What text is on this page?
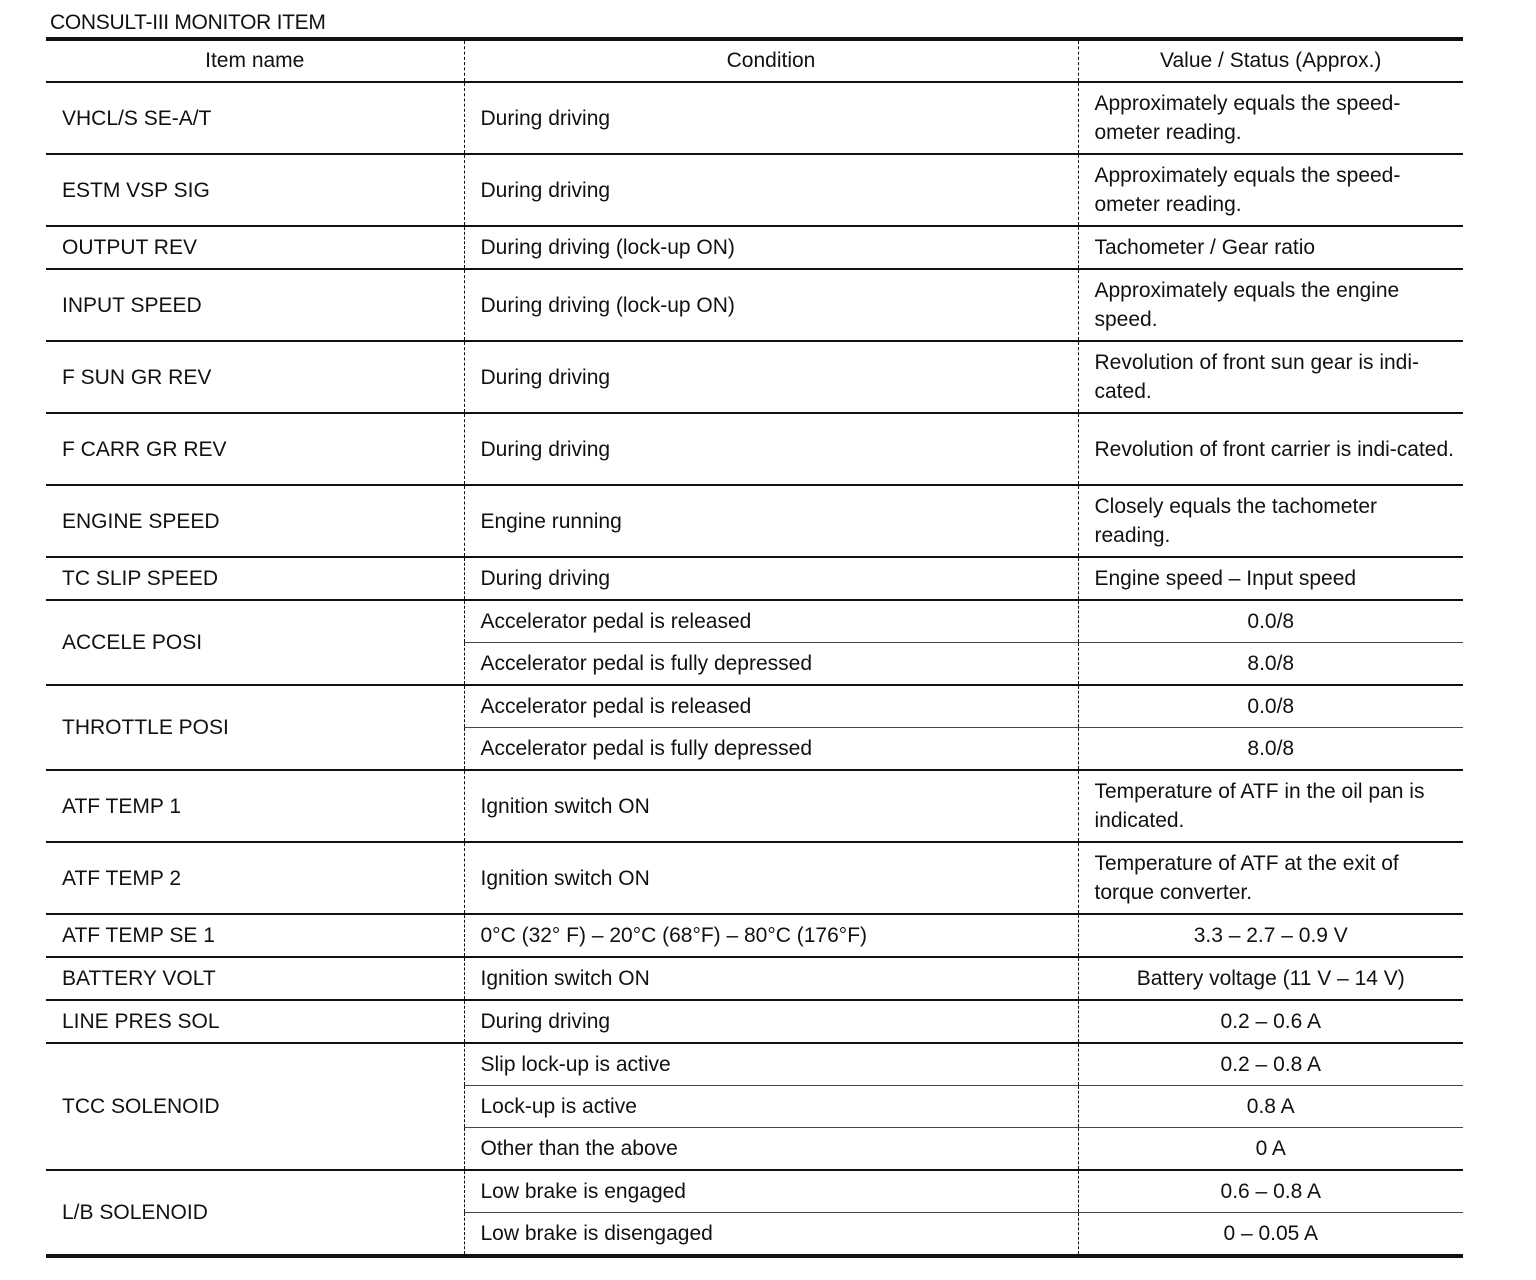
CONSULT-III MONITOR ITEM
Item name	Condition	Value / Status (Approx.)
VHCL/S SE-A/T	During driving	Approximately equals the speed-ometer reading.
ESTM VSP SIG	During driving	Approximately equals the speed-ometer reading.
OUTPUT REV	During driving (lock-up ON)	Tachometer / Gear ratio
INPUT SPEED	During driving (lock-up ON)	Approximately equals the engine speed.
F SUN GR REV	During driving	Revolution of front sun gear is indi-cated.
F CARR GR REV	During driving	Revolution of front carrier is indi-cated.
ENGINE SPEED	Engine running	Closely equals the tachometer reading.
TC SLIP SPEED	During driving	Engine speed – Input speed
ACCELE POSI	Accelerator pedal is released	0.0/8
	Accelerator pedal is fully depressed	8.0/8
THROTTLE POSI	Accelerator pedal is released	0.0/8
	Accelerator pedal is fully depressed	8.0/8
ATF TEMP 1	Ignition switch ON	Temperature of ATF in the oil pan is indicated.
ATF TEMP 2	Ignition switch ON	Temperature of ATF at the exit of torque converter.
ATF TEMP SE 1	0°C (32° F) – 20°C (68°F) – 80°C (176°F)	3.3 – 2.7 – 0.9 V
BATTERY VOLT	Ignition switch ON	Battery voltage (11 V – 14 V)
LINE PRES SOL	During driving	0.2 – 0.6 A
TCC SOLENOID	Slip lock-up is active	0.2 – 0.8 A
	Lock-up is active	0.8 A
	Other than the above	0 A
L/B SOLENOID	Low brake is engaged	0.6 – 0.8 A
	Low brake is disengaged	0 – 0.05 A
